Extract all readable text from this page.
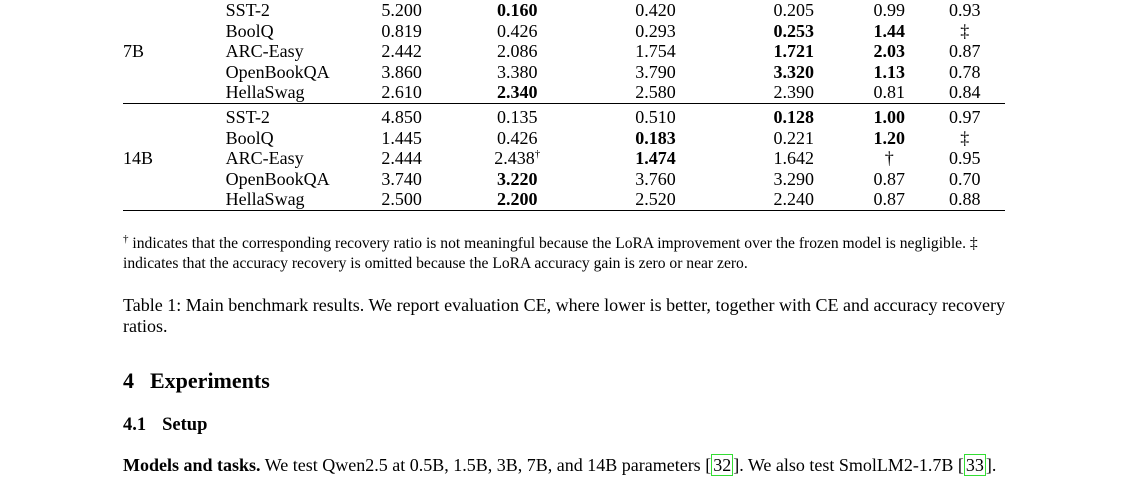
	SST-2	5.200	0.160	0.420	0.205	0.99	0.93
	BoolQ	0.819	0.426	0.293	0.253	1.44	‡
7B	ARC-Easy	2.442	2.086	1.754	1.721	2.03	0.87
	OpenBookQA	3.860	3.380	3.790	3.320	1.13	0.78
	HellaSwag	2.610	2.340	2.580	2.390	0.81	0.84
	SST-2	4.850	0.135	0.510	0.128	1.00	0.97
	BoolQ	1.445	0.426	0.183	0.221	1.20	‡
14B	ARC-Easy	2.444	2.438†	1.474	1.642	†	0.95
	OpenBookQA	3.740	3.220	3.760	3.290	0.87	0.70
	HellaSwag	2.500	2.200	2.520	2.240	0.87	0.88
† indicates that the corresponding recovery ratio is not meaningful because the LoRA improvement over the frozen model is negligible. ‡ indicates that the accuracy recovery is omitted because the LoRA accuracy gain is zero or near zero.
Table 1: Main benchmark results. We report evaluation CE, where lower is better, together with CE and accuracy recovery ratios.
4 Experiments
4.1 Setup
Models and tasks. We test Qwen2.5 at 0.5B, 1.5B, 3B, 7B, and 14B parameters [ 32 ]. We also test SmolLM2-1.7B [ 33 ].
